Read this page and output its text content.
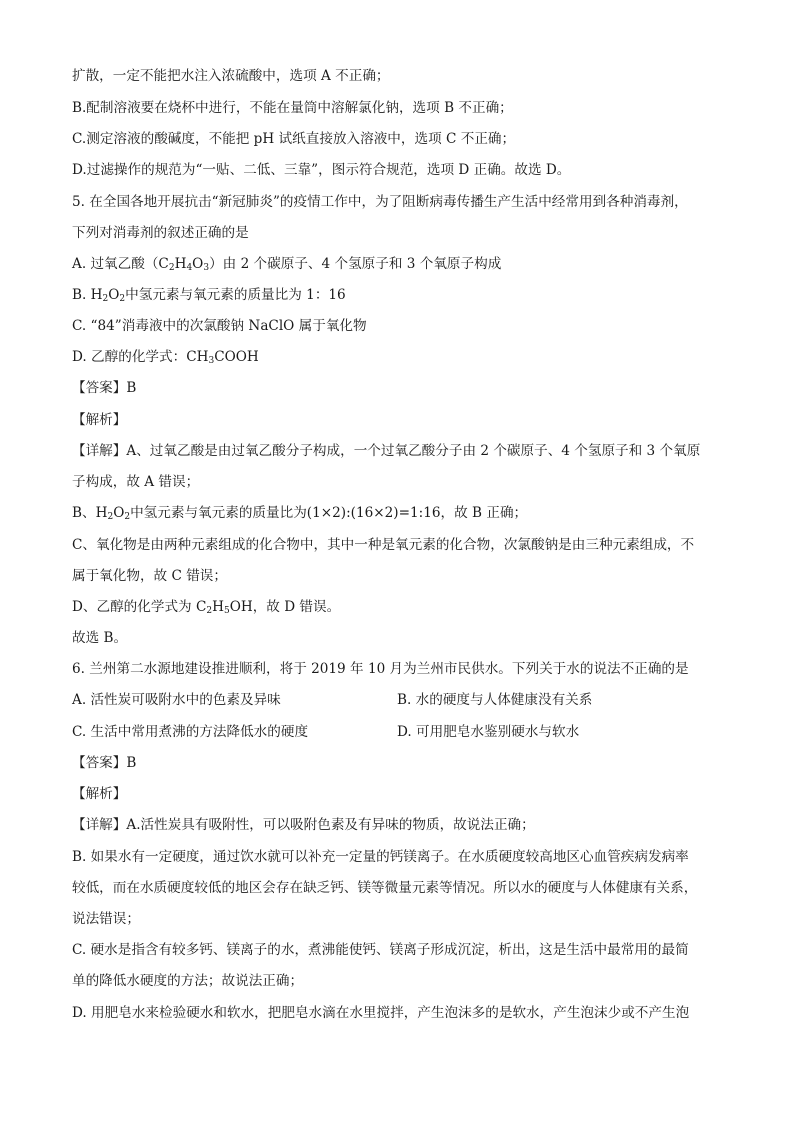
扩散，一定不能把水注入浓硫酸中，选项 A 不正确；
B.配制溶液要在烧杯中进行，不能在量筒中溶解氯化钠，选项 B 不正确；
C.测定溶液的酸碱度，不能把 pH 试纸直接放入溶液中，选项 C 不正确；
D.过滤操作的规范为“一贴、二低、三靠”，图示符合规范，选项 D 正确。故选 D。
5. 在全国各地开展抗击“新冠肺炎”的疫情工作中，为了阻断病毒传播生产生活中经常用到各种消毒剂，
下列对消毒剂的叙述正确的是
A. 过氧乙酸$(C_2H_4O_3)$由 2 个碳原子、4 个氢原子和 3 个氧原子构成
B. $H_2O_2$中氢元素与氧元素的质量比为 1：16
C. “84”消毒液中的次氯酸钠 NaClO 属于氧化物
D. 乙醇的化学式：$CH_3COOH$
【答案】B
【解析】
【详解】A、过氧乙酸是由过氧乙酸分子构成，一个过氧乙酸分子由 2 个碳原子、4 个氢原子和 3 个氧原
子构成，故 A 错误；
B、$H_2O_2$中氢元素与氧元素的质量比为(1×2):(16×2)=1:16，故 B 正确；
C、氧化物是由两种元素组成的化合物中，其中一种是氧元素的化合物，次氯酸钠是由三种元素组成，不
属于氧化物，故 C 错误；
D、乙醇的化学式为 $C_2H_5OH$，故 D 错误。
故选 B。
6. 兰州第二水源地建设推进顺利，将于 2019 年 10 月为兰州市民供水。下列关于水的说法不正确的是
A. 活性炭可吸附水中的色素及异味	B. 水的硬度与人体健康没有关系
C. 生活中常用煮沸的方法降低水的硬度	D. 可用肥皂水鉴别硬水与软水
【答案】B
【解析】
【详解】A.活性炭具有吸附性，可以吸附色素及有异味的物质，故说法正确；
B. 如果水有一定硬度，通过饮水就可以补充一定量的钙镁离子。在水质硬度较高地区心血管疾病发病率
较低，而在水质硬度较低的地区会存在缺乏钙、镁等微量元素等情况。所以水的硬度与人体健康有关系，
说法错误；
C. 硬水是指含有较多钙、镁离子的水，煮沸能使钙、镁离子形成沉淀，析出，这是生活中最常用的最简
单的降低水硬度的方法；故说法正确；
D. 用肥皂水来检验硬水和软水，把肥皂水滴在水里搅拌，产生泡沫多的是软水，产生泡沫少或不产生泡
